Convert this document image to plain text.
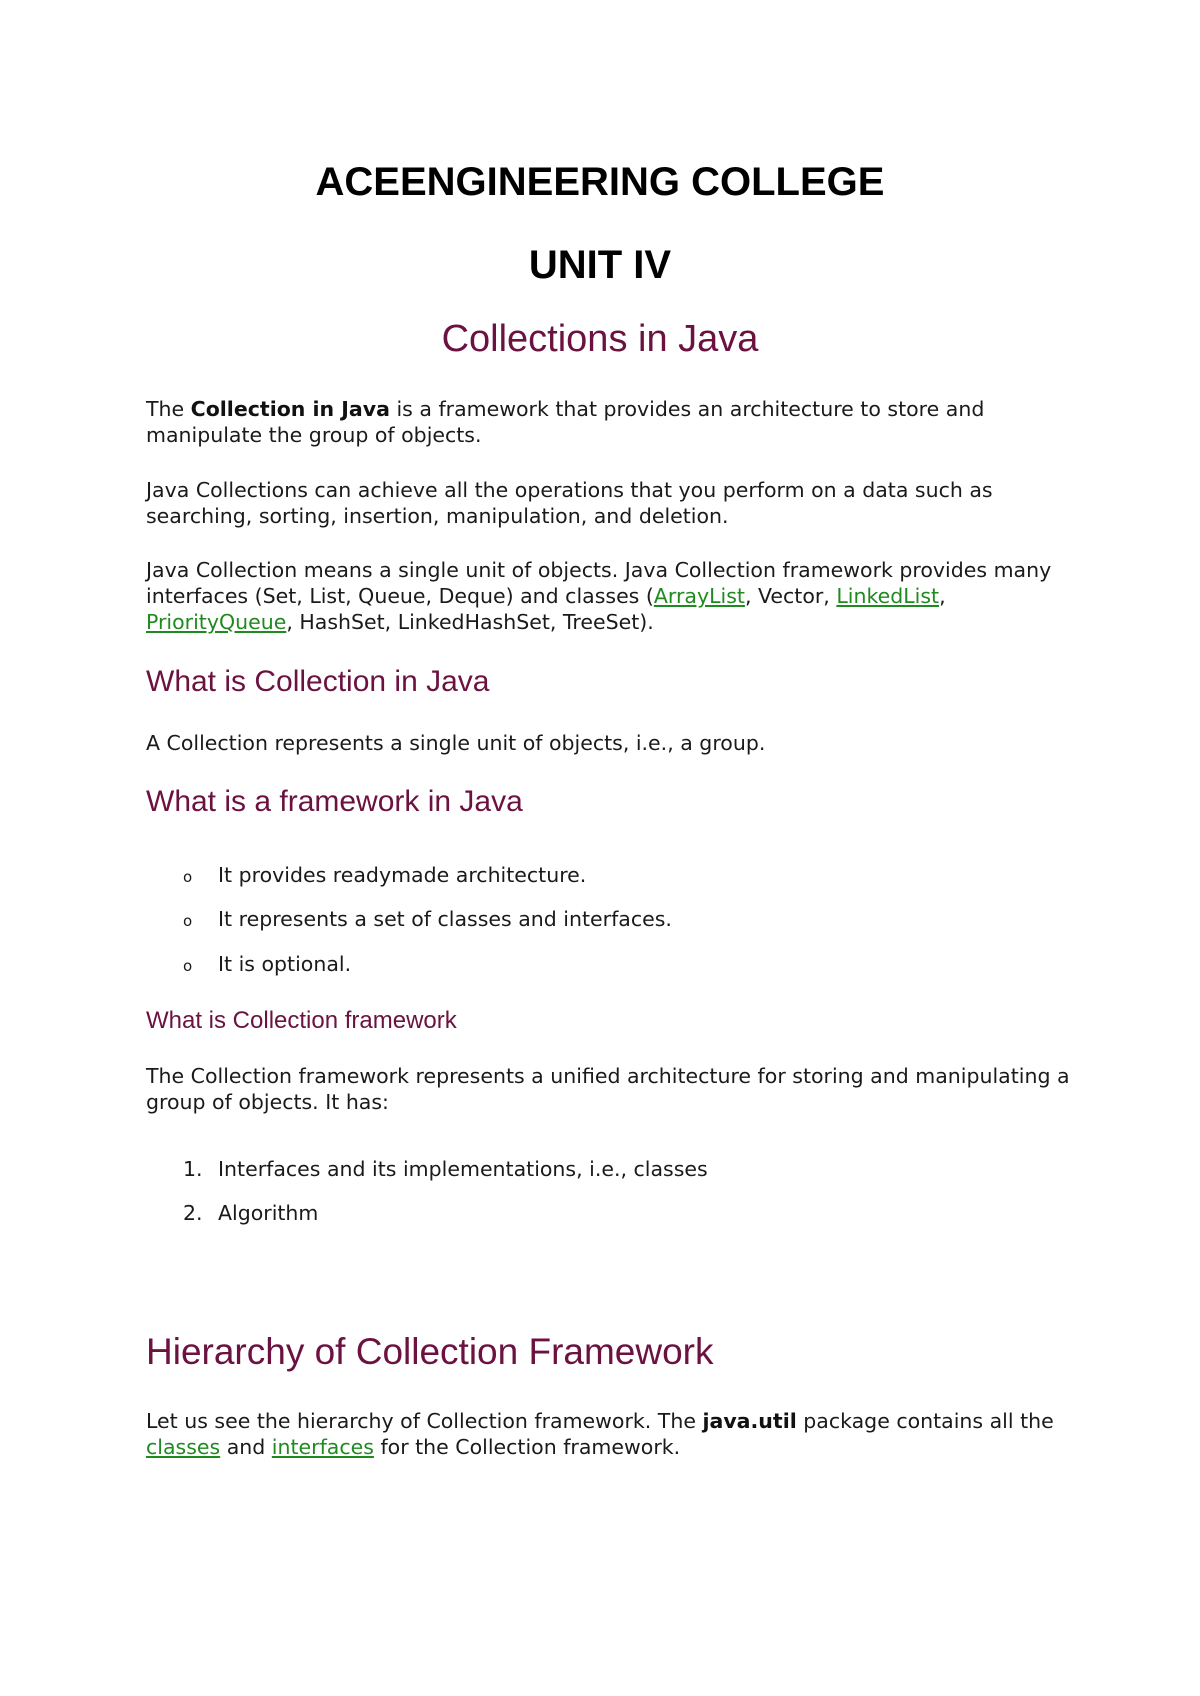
ACEENGINEERING COLLEGE
UNIT IV
Collections in Java

The Collection in Java is a framework that provides an architecture to store and manipulate the group of objects.

Java Collections can achieve all the operations that you perform on a data such as searching, sorting, insertion, manipulation, and deletion.

Java Collection means a single unit of objects. Java Collection framework provides many interfaces (Set, List, Queue, Deque) and classes (ArrayList, Vector, LinkedList, PriorityQueue, HashSet, LinkedHashSet, TreeSet).

What is Collection in Java

A Collection represents a single unit of objects, i.e., a group.

What is a framework in Java

o It provides readymade architecture.

o It represents a set of classes and interfaces.

o It is optional.

What is Collection framework

The Collection framework represents a unified architecture for storing and manipulating a group of objects. It has:

1. Interfaces and its implementations, i.e., classes

2. Algorithm

Hierarchy of Collection Framework

Let us see the hierarchy of Collection framework. The java.util package contains all the classes and interfaces for the Collection framework.
